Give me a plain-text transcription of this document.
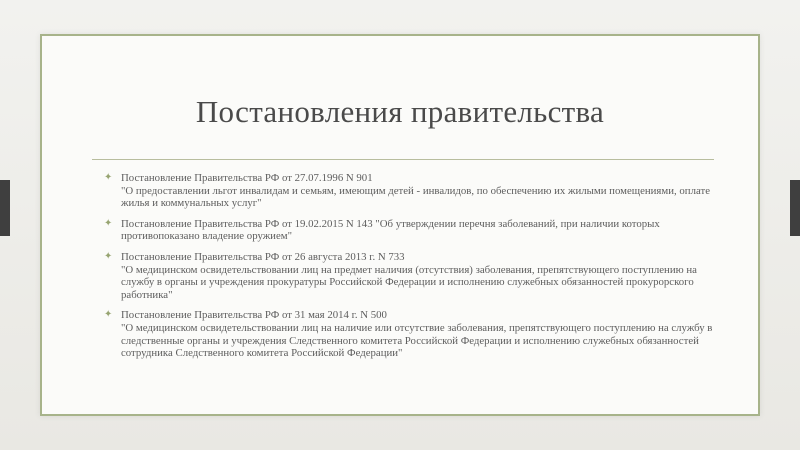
Постановления правительства
✦ Постановление Правительства РФ от 27.07.1996 N 901
"О предоставлении льгот инвалидам и семьям, имеющим детей - инвалидов, по обеспечению их жилыми помещениями, оплате жилья и коммунальных услуг"
✦ Постановление Правительства РФ от 19.02.2015 N 143 "Об утверждении перечня заболеваний, при наличии которых противопоказано владение оружием"
✦ Постановление Правительства РФ от 26 августа 2013 г. N 733
"О медицинском освидетельствовании лиц на предмет наличия (отсутствия) заболевания, препятствующего поступлению на службу в органы и учреждения прокуратуры Российской Федерации и исполнению служебных обязанностей прокурорского работника"
✦ Постановление Правительства РФ от 31 мая 2014 г. N 500
"О медицинском освидетельствовании лиц на наличие или отсутствие заболевания, препятствующего поступлению на службу в следственные органы и учреждения Следственного комитета Российской Федерации и исполнению служебных обязанностей сотрудника Следственного комитета Российской Федерации"
